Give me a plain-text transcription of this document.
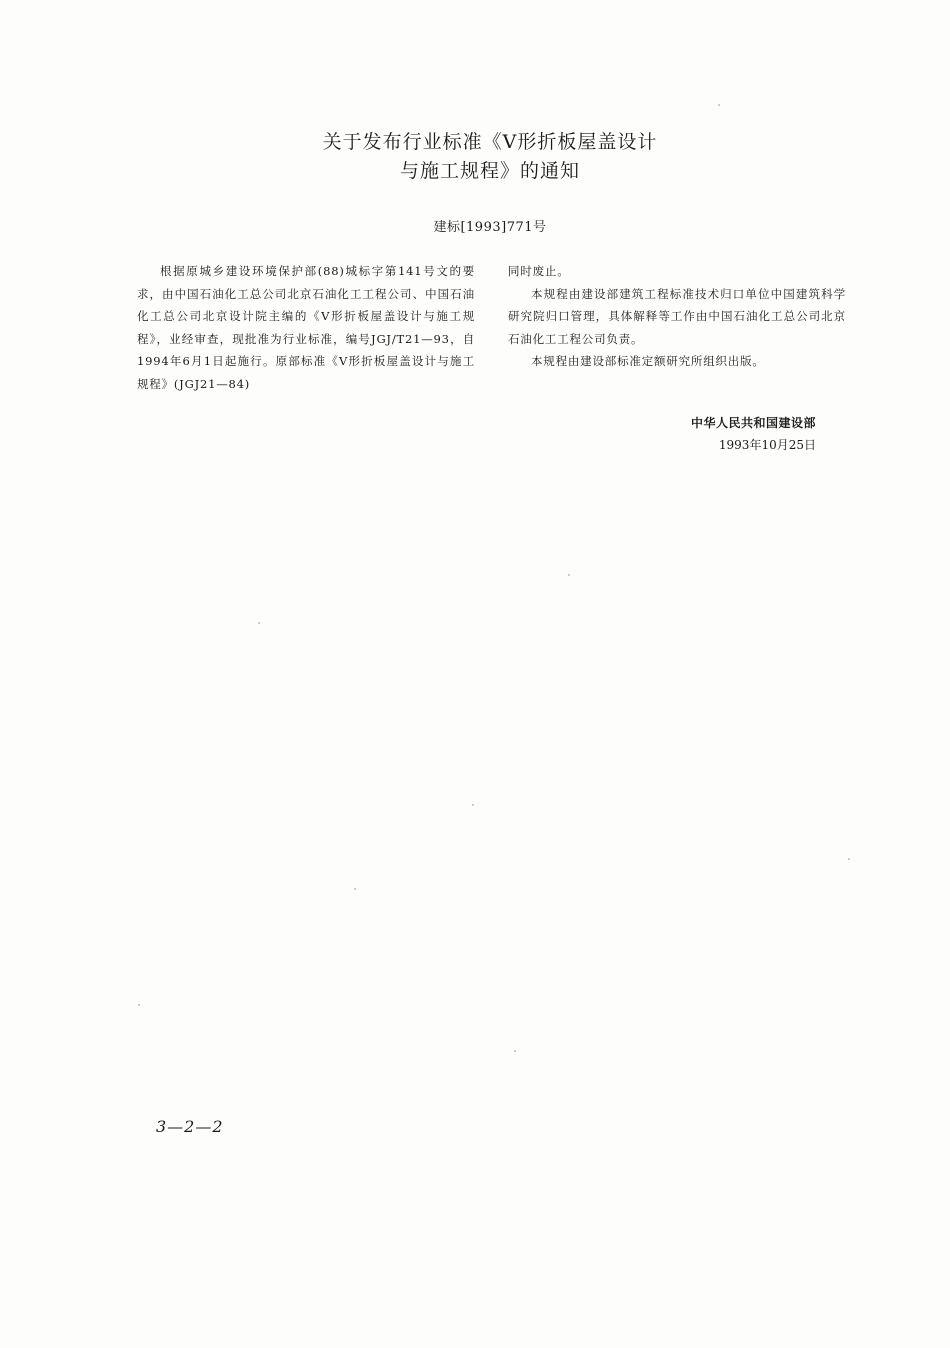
关于发布行业标准《V形折板屋盖设计
与施工规程》的通知
建标[1993]771号

根据原城乡建设环境保护部(88)城标字第141号文的要求，由中国石油化工总公司北京石油化工工程公司、中国石油化工总公司北京设计院主编的《V形折板屋盖设计与施工规程》，业经审查，现批准为行业标准，编号JGJ/T21—93，自1994年6月1日起施行。原部标准《V形折板屋盖设计与施工规程》(JGJ21—84)

同时废止。

本规程由建设部建筑工程标准技术归口单位中国建筑科学研究院归口管理，具体解释等工作由中国石油化工总公司北京石油化工工程公司负责。

本规程由建设部标准定额研究所组织出版。

中华人民共和国建设部
1993年10月25日
3—2—2
